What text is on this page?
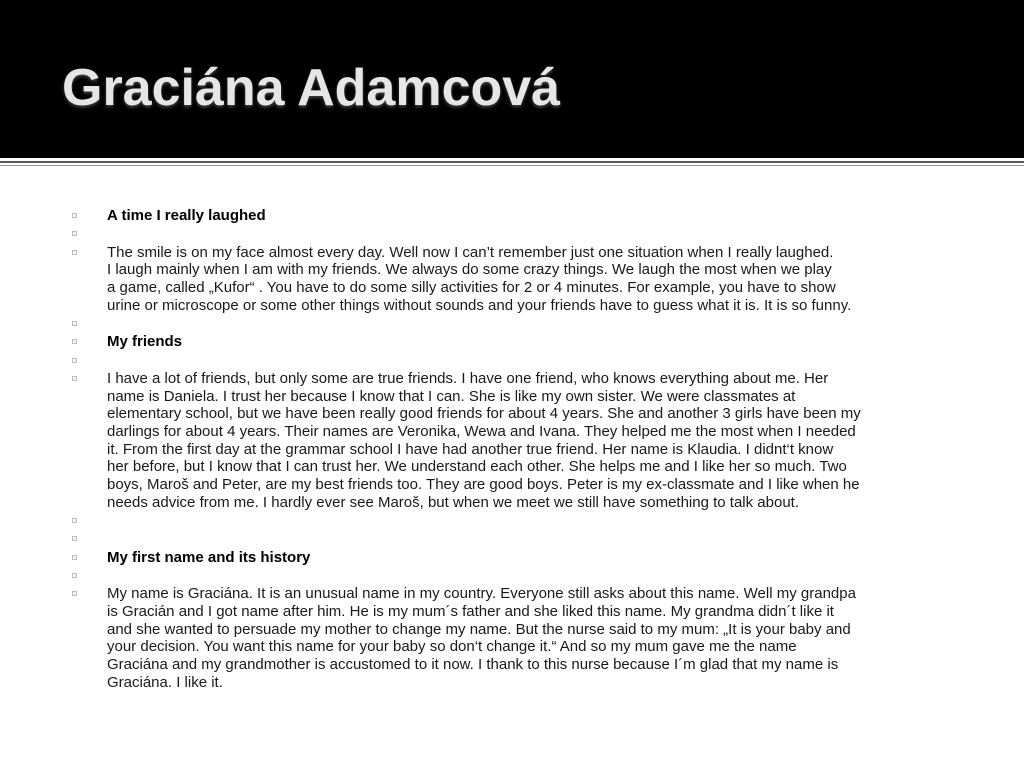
Graciána Adamcová
A time I really laughed
The smile is on my face almost every day. Well now I can’t remember just one situation when I really laughed.
I laugh mainly when I am with my friends. We always do some crazy things. We laugh the most when we play
a game, called „Kufor“ . You have to do some silly activities for 2 or 4 minutes. For example, you have to show
urine or microscope or some other things without sounds and your friends have to guess what it is. It is so funny.
My friends
I have a lot of friends, but only some are true friends. I have one friend, who knows everything about me. Her
name is Daniela. I trust her because I know that I can. She is like my own sister. We were classmates at
elementary school, but we have been really good friends for about 4 years. She and another 3 girls have been my
darlings for about 4 years. Their names are Veronika, Wewa and Ivana. They helped me the most when I needed
it. From the first day at the grammar school I have had another true friend. Her name is Klaudia. I didnt‘t know
her before, but I know that I can trust her. We understand each other. She helps me and I like her so much. Two
boys, Maroš and Peter, are my best friends too. They are good boys. Peter is my ex-classmate and I like when he
needs advice from me. I hardly ever see Maroš, but when we meet we still have something to talk about.
My first name and its history
My name is Graciána. It is an unusual name in my country. Everyone still asks about this name. Well my grandpa
is Gracián and I got name after him. He is my mum´s father and she liked this name. My grandma didn´t like it
and she wanted to persuade my mother to change my name. But the nurse said to my mum: „It is your baby and
your decision. You want this name for your baby so don‘t change it.“ And so my mum gave me the name
Graciána and my grandmother is accustomed to it now. I thank to this nurse because I´m glad that my name is
Graciána. I like it.
